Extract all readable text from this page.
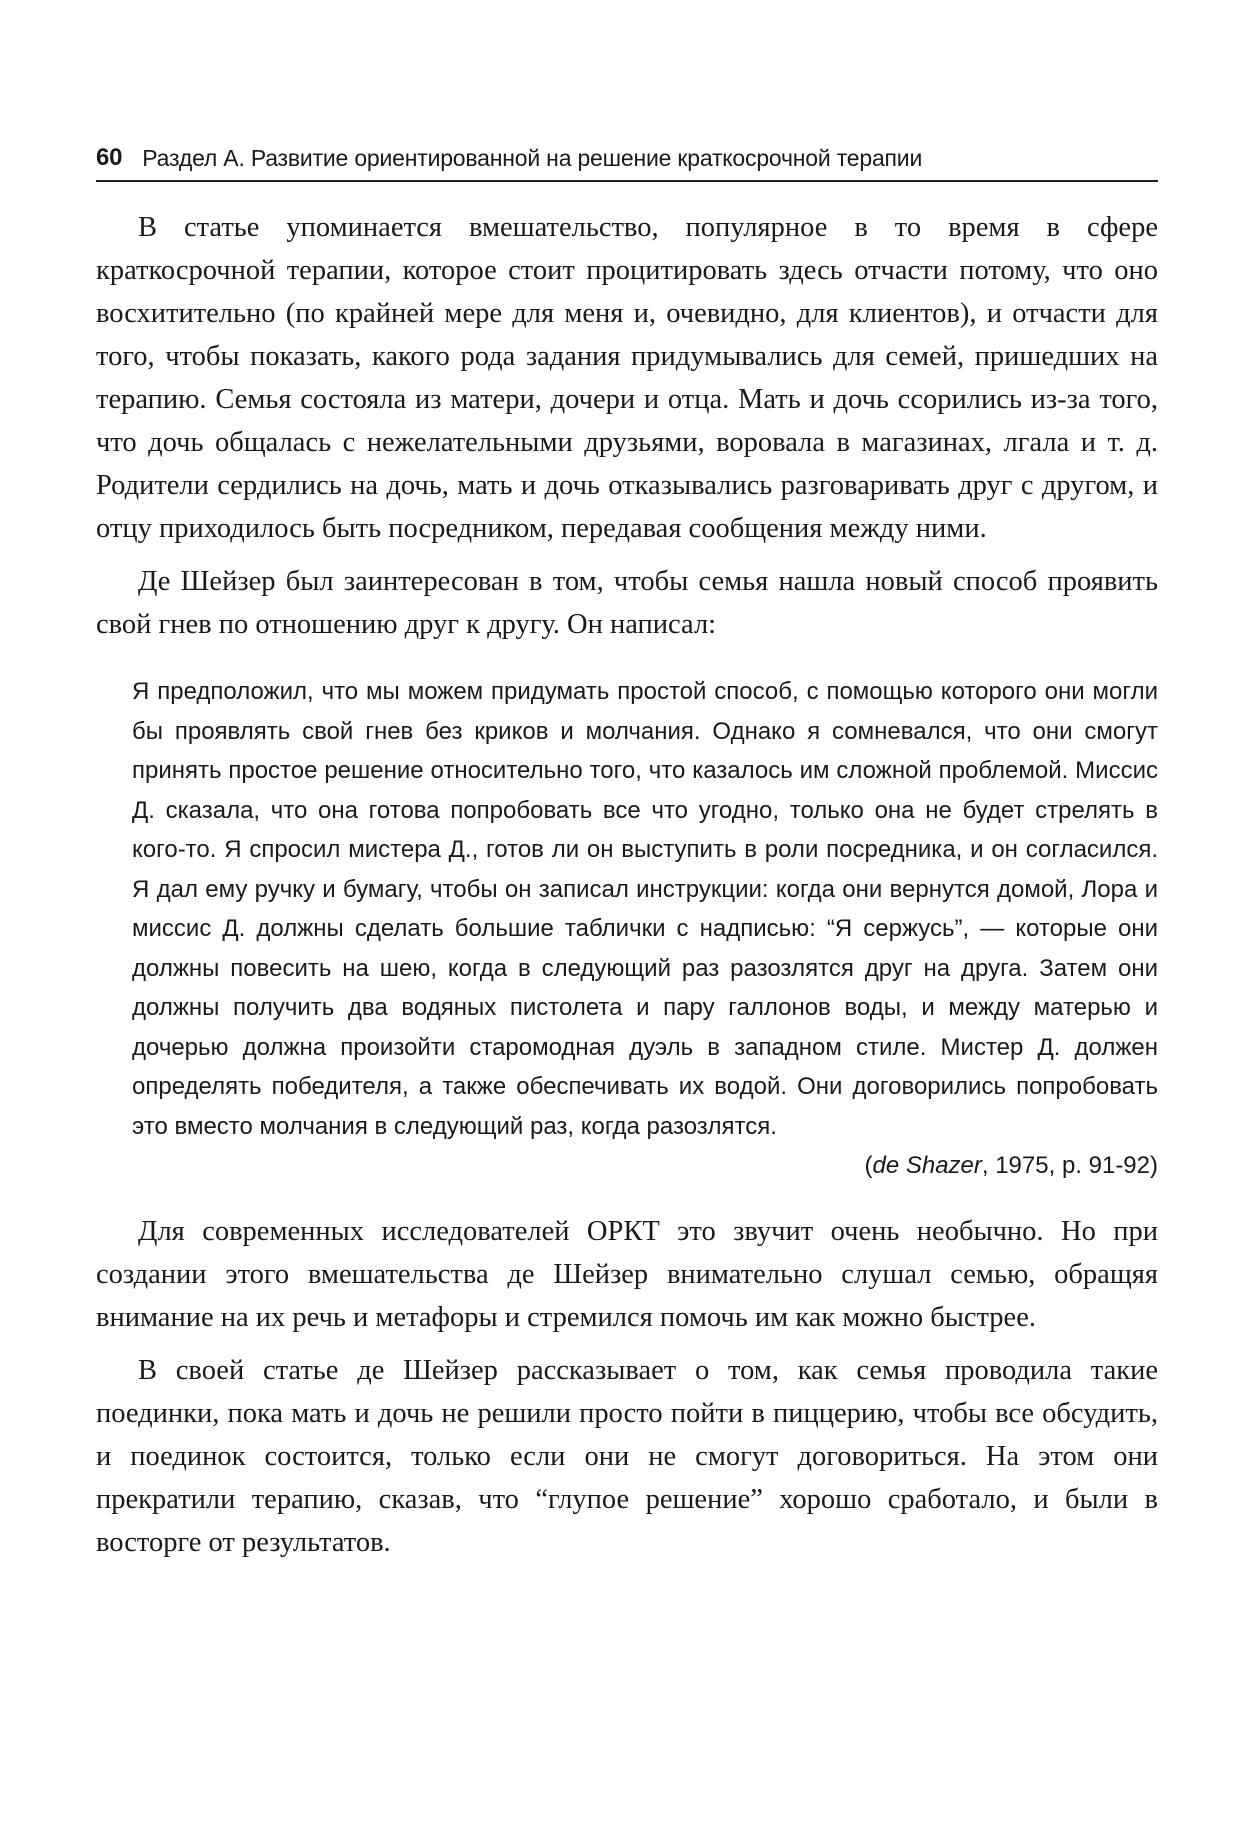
60 Раздел А. Развитие ориентированной на решение краткосрочной терапии

В статье упоминается вмешательство, популярное в то время в сфере краткосрочной терапии, которое стоит процитировать здесь отчасти потому, что оно восхитительно (по крайней мере для меня и, очевидно, для клиентов), и отчасти для того, чтобы показать, какого рода задания придумывались для семей, пришедших на терапию. Семья состояла из матери, дочери и отца. Мать и дочь ссорились из-за того, что дочь общалась с нежелательными друзьями, воровала в магазинах, лгала и т. д. Родители сердились на дочь, мать и дочь отказывались разговаривать друг с другом, и отцу приходилось быть посредником, передавая сообщения между ними.

Де Шейзер был заинтересован в том, чтобы семья нашла новый способ проявить свой гнев по отношению друг к другу. Он написал:

Я предположил, что мы можем придумать простой способ, с помощью которого они могли бы проявлять свой гнев без криков и молчания. Однако я сомневался, что они смогут принять простое решение относительно того, что казалось им сложной проблемой. Миссис Д. сказала, что она готова попробовать все что угодно, только она не будет стрелять в кого-то. Я спросил мистера Д., готов ли он выступить в роли посредника, и он согласился. Я дал ему ручку и бумагу, чтобы он записал инструкции: когда они вернутся домой, Лора и миссис Д. должны сделать большие таблички с надписью: “Я сержусь”, — которые они должны повесить на шею, когда в следующий раз разозлятся друг на друга. Затем они должны получить два водяных пистолета и пару галлонов воды, и между матерью и дочерью должна произойти старомодная дуэль в западном стиле. Мистер Д. должен определять победителя, а также обеспечивать их водой. Они договорились попробовать это вместо молчания в следующий раз, когда разозлятся.
(de Shazer, 1975, p. 91-92)

Для современных исследователей ОРКТ это звучит очень необычно. Но при создании этого вмешательства де Шейзер внимательно слушал семью, обращяя внимание на их речь и метафоры и стремился помочь им как можно быстрее.

В своей статье де Шейзер рассказывает о том, как семья проводила такие поединки, пока мать и дочь не решили просто пойти в пиццерию, чтобы все обсудить, и поединок состоится, только если они не смогут договориться. На этом они прекратили терапию, сказав, что “глупое решение” хорошо сработало, и были в восторге от результатов.
